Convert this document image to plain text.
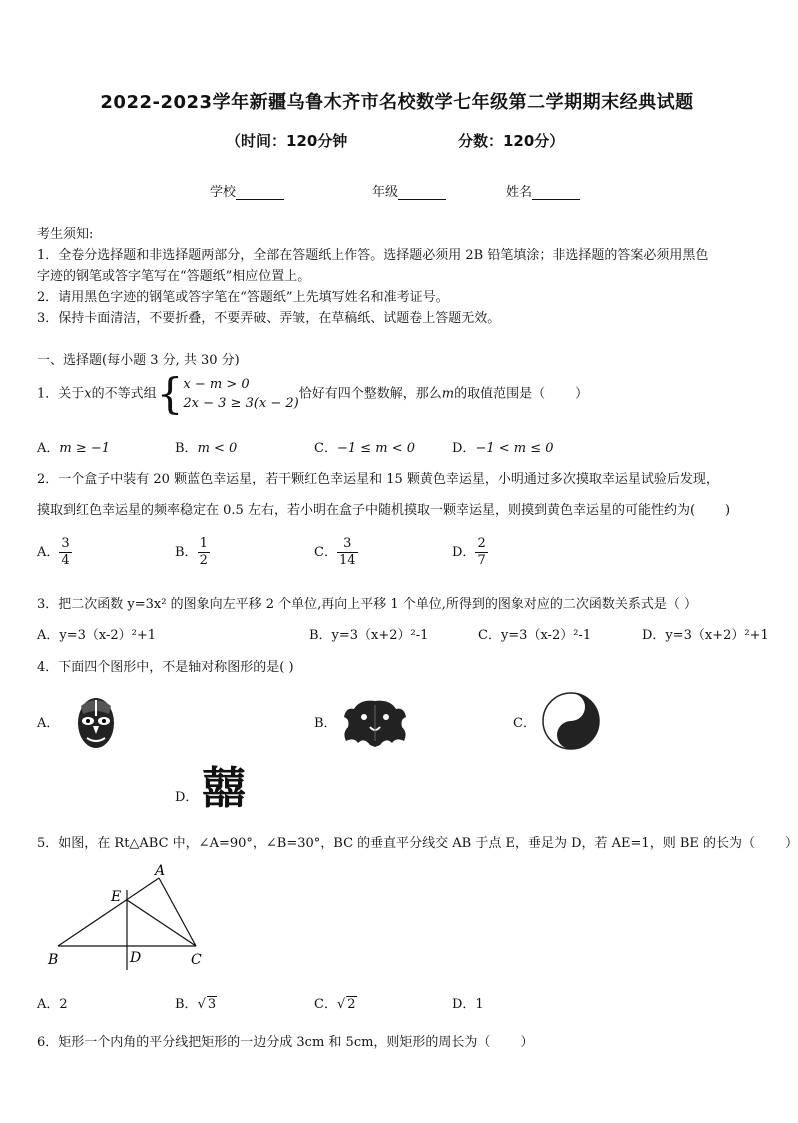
2022-2023学年新疆乌鲁木齐市名校数学七年级第二学期期末经典试题
（时间：120分钟	分数：120分）
学校	年级	姓名
考生须知:
1．全卷分选择题和非选择题两部分，全部在答题纸上作答。选择题必须用 2B 铅笔填涂；非选择题的答案必须用黑色
字迹的钢笔或答字笔写在“答题纸”相应位置上。
2．请用黑色字迹的钢笔或答字笔在“答题纸”上先填写姓名和准考证号。
3．保持卡面清洁，不要折叠，不要弄破、弄皱，在草稿纸、试题卷上答题无效。
一、选择题(每小题 3 分, 共 30 分)
1．关于x的不等式组{ x − m > 0
2x − 3 ≥ 3(x − 2)
恰好有四个整数解，那么m的取值范围是（ ）
A．m ≥ −1	B．m < 0	C．−1 ≤ m < 0	D．−1 < m ≤ 0
2．一个盒子中装有 20 颗蓝色幸运星，若干颗红色幸运星和 15 颗黄色幸运星，小明通过多次摸取幸运星试验后发现，
摸取到红色幸运星的频率稳定在 0.5 左右，若小明在盒子中随机摸取一颗幸运星，则摸到黄色幸运星的可能性约为( )
A． $\frac{3}{4}$	B． $\frac{1}{2}$	C． $\frac{3}{14}$	D． $\frac{2}{7}$
3．把二次函数 y=3x² 的图象向左平移 2 个单位,再向上平移 1 个单位,所得到的图象对应的二次函数关系式是（ ）
A．y=3（x-2）²+1	B．y=3（x+2）²-1	C．y=3（x-2）²-1	D．y=3（x+2）²+1
4．下面四个图形中，不是轴对称图形的是( )
A．	B．	C．
D． 囍
5．如图，在 Rt△ABC 中，∠A=90°，∠B=30°，BC 的垂直平分线交 AB 于点 E，垂足为 D，若 AE=1，则 BE 的长为（ ）
A
B	C
D
E
A．2	B．√ 3	C．√ 2	D．1
6．矩形一个内角的平分线把矩形的一边分成 3cm 和 5cm，则矩形的周长为（ ）
